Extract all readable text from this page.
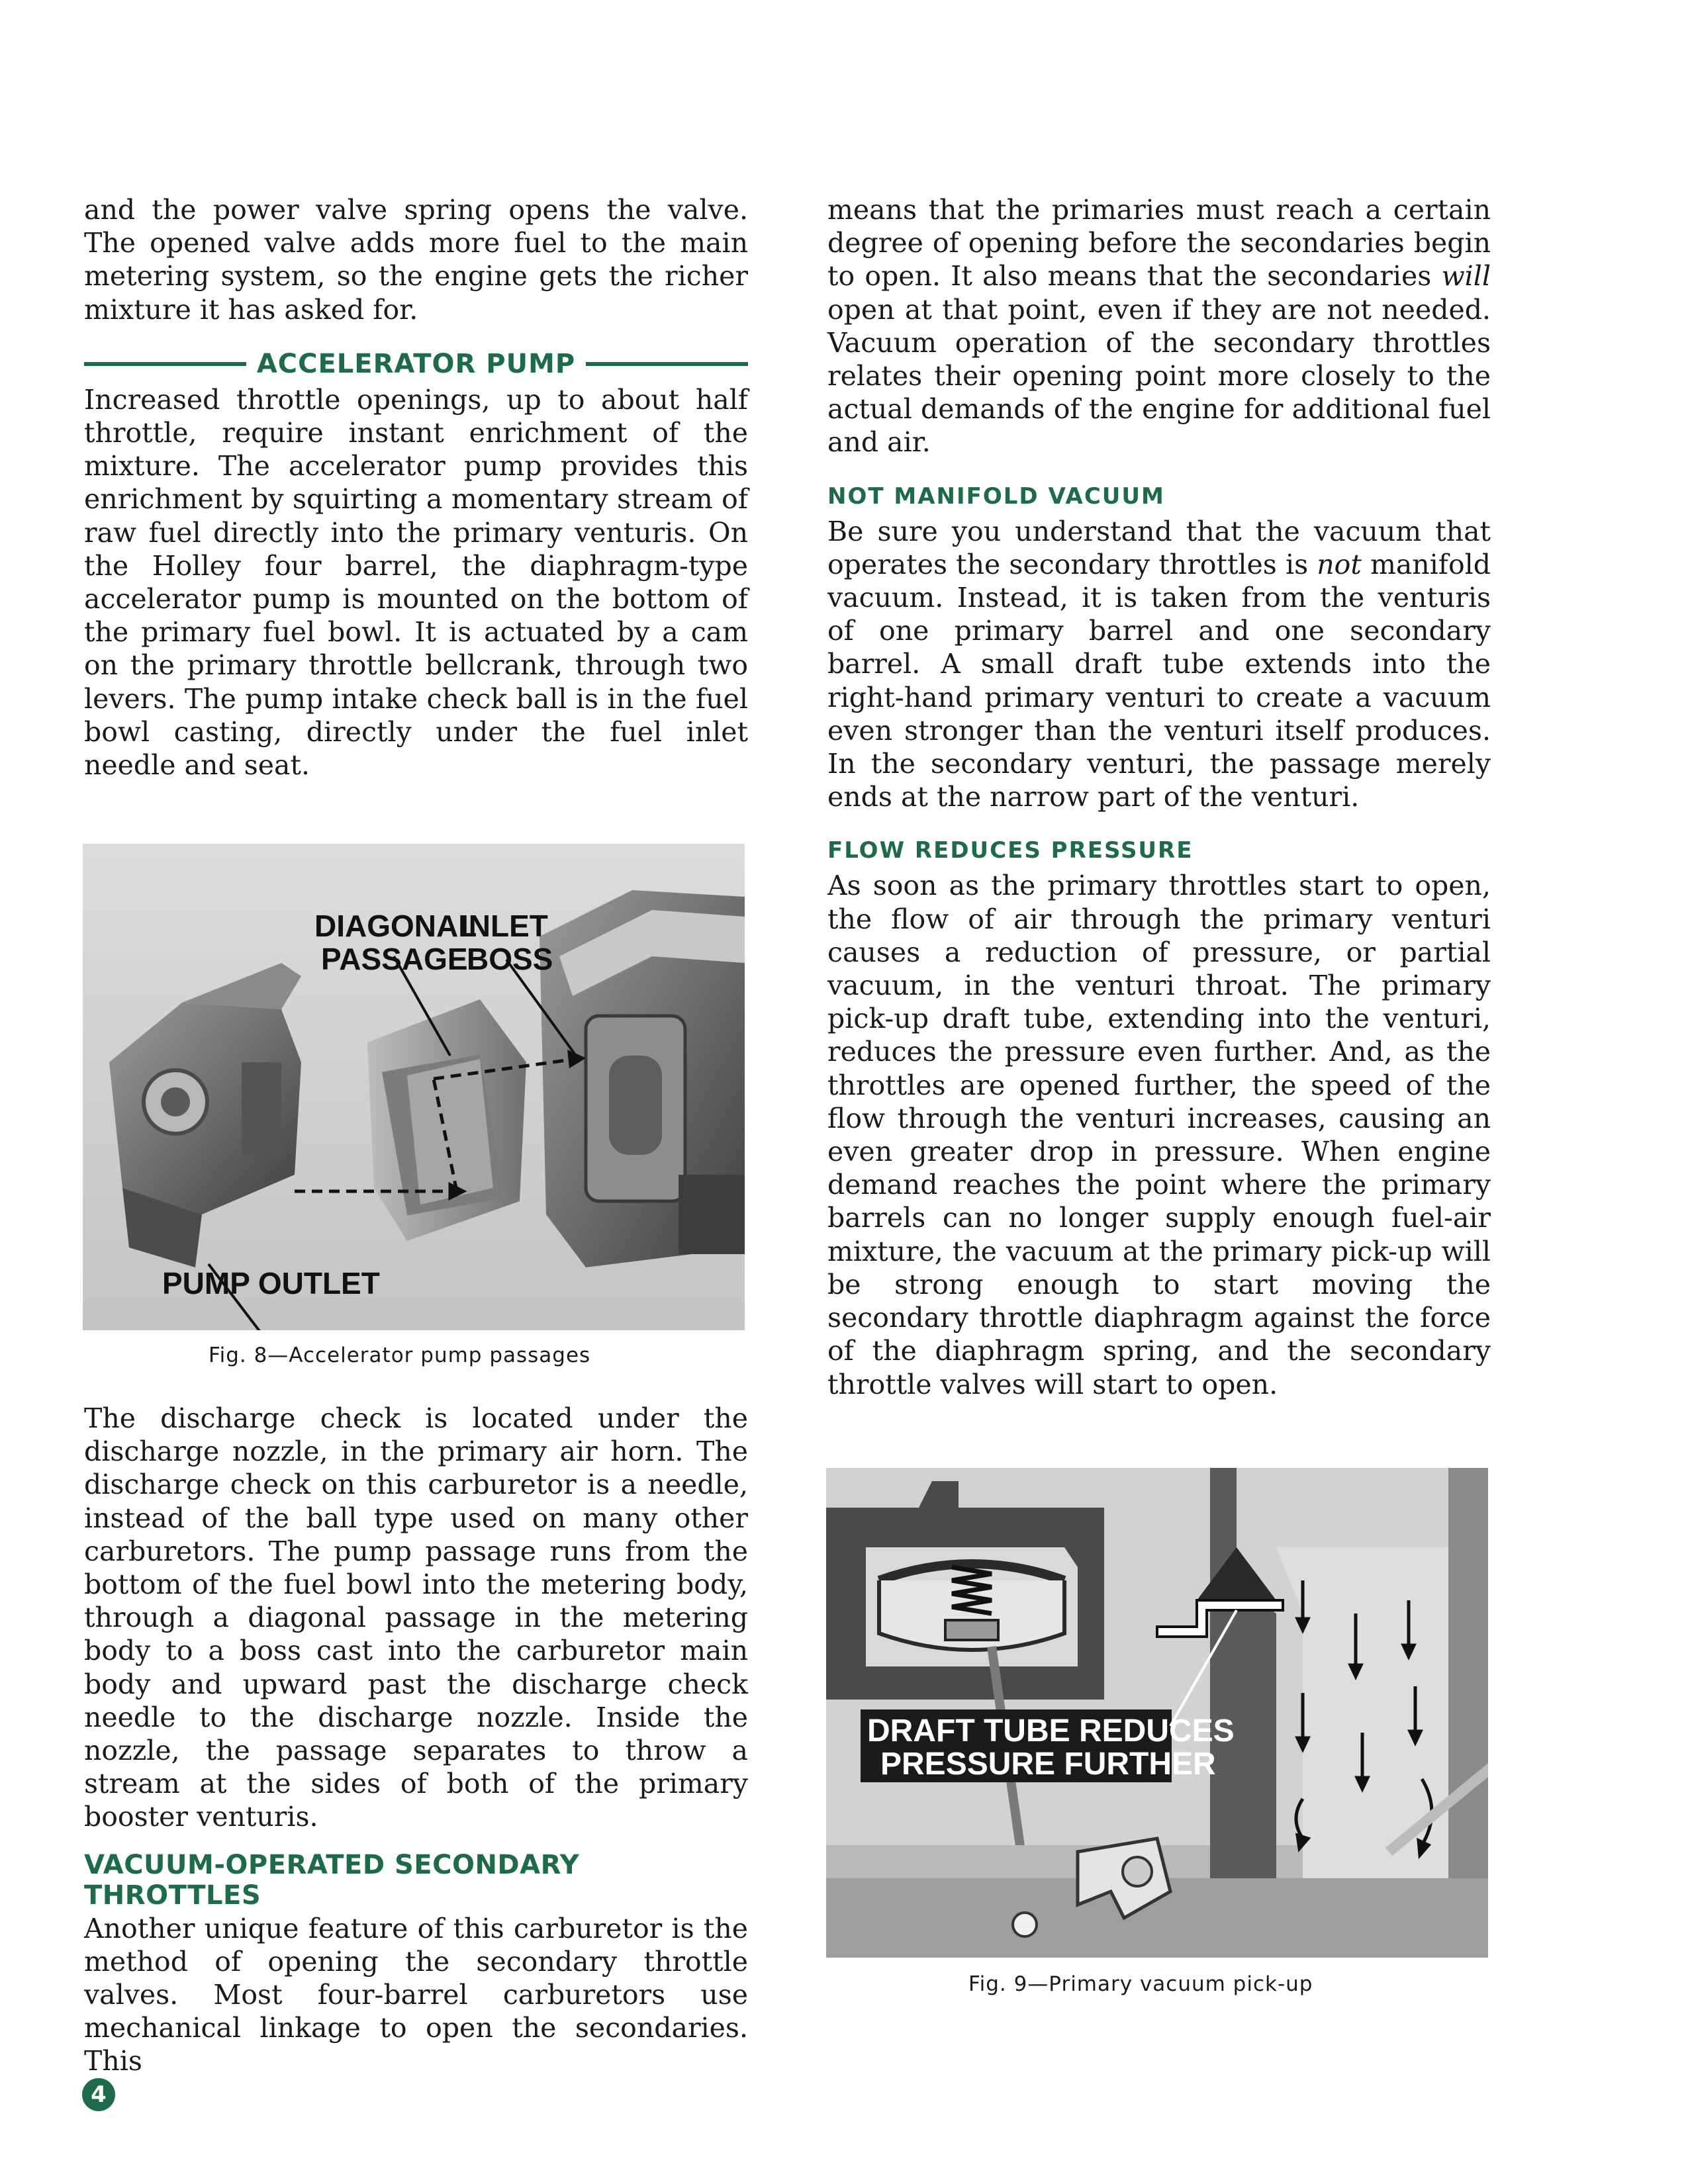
and the power valve spring opens the valve. The opened valve adds more fuel to the main metering system, so the engine gets the richer mixture it has asked for.

ACCELERATOR PUMP

Increased throttle openings, up to about half throttle, require instant enrichment of the mixture. The accelerator pump provides this enrichment by squirting a momentary stream of raw fuel directly into the primary venturis. On the Holley four barrel, the diaphragm-type accelerator pump is mounted on the bottom of the primary fuel bowl. It is actuated by a cam on the primary throttle bellcrank, through two levers. The pump intake check ball is in the fuel bowl casting, directly under the fuel inlet needle and seat.

DIAGONAL
PASSAGE
INLET
BOSS
PUMP OUTLET
Fig. 8—Accelerator pump passages

The discharge check is located under the discharge nozzle, in the primary air horn. The discharge check on this carburetor is a needle, instead of the ball type used on many other carburetors. The pump passage runs from the bottom of the fuel bowl into the metering body, through a diagonal passage in the metering body to a boss cast into the carburetor main body and upward past the discharge check needle to the discharge nozzle. Inside the nozzle, the passage separates to throw a stream at the sides of both of the primary booster venturis.

VACUUM-OPERATED SECONDARY THROTTLES

Another unique feature of this carburetor is the method of opening the secondary throttle valves. Most four-barrel carburetors use mechanical linkage to open the secondaries. This

means that the primaries must reach a certain degree of opening before the secondaries begin to open. It also means that the secondaries will open at that point, even if they are not needed. Vacuum operation of the secondary throttles relates their opening point more closely to the actual demands of the engine for additional fuel and air.

NOT MANIFOLD VACUUM

Be sure you understand that the vacuum that operates the secondary throttles is not manifold vacuum. Instead, it is taken from the venturis of one primary barrel and one secondary barrel. A small draft tube extends into the right-hand primary venturi to create a vacuum even stronger than the venturi itself produces. In the secondary venturi, the passage merely ends at the narrow part of the venturi.

FLOW REDUCES PRESSURE

As soon as the primary throttles start to open, the flow of air through the primary venturi causes a reduction of pressure, or partial vacuum, in the venturi throat. The primary pick-up draft tube, extending into the venturi, reduces the pressure even further. And, as the throttles are opened further, the speed of the flow through the venturi increases, causing an even greater drop in pressure. When engine demand reaches the point where the primary barrels can no longer supply enough fuel-air mixture, the vacuum at the primary pick-up will be strong enough to start moving the secondary throttle diaphragm against the force of the diaphragm spring, and the secondary throttle valves will start to open.

DRAFT TUBE REDUCES
PRESSURE FURTHER
Fig. 9—Primary vacuum pick-up
4
